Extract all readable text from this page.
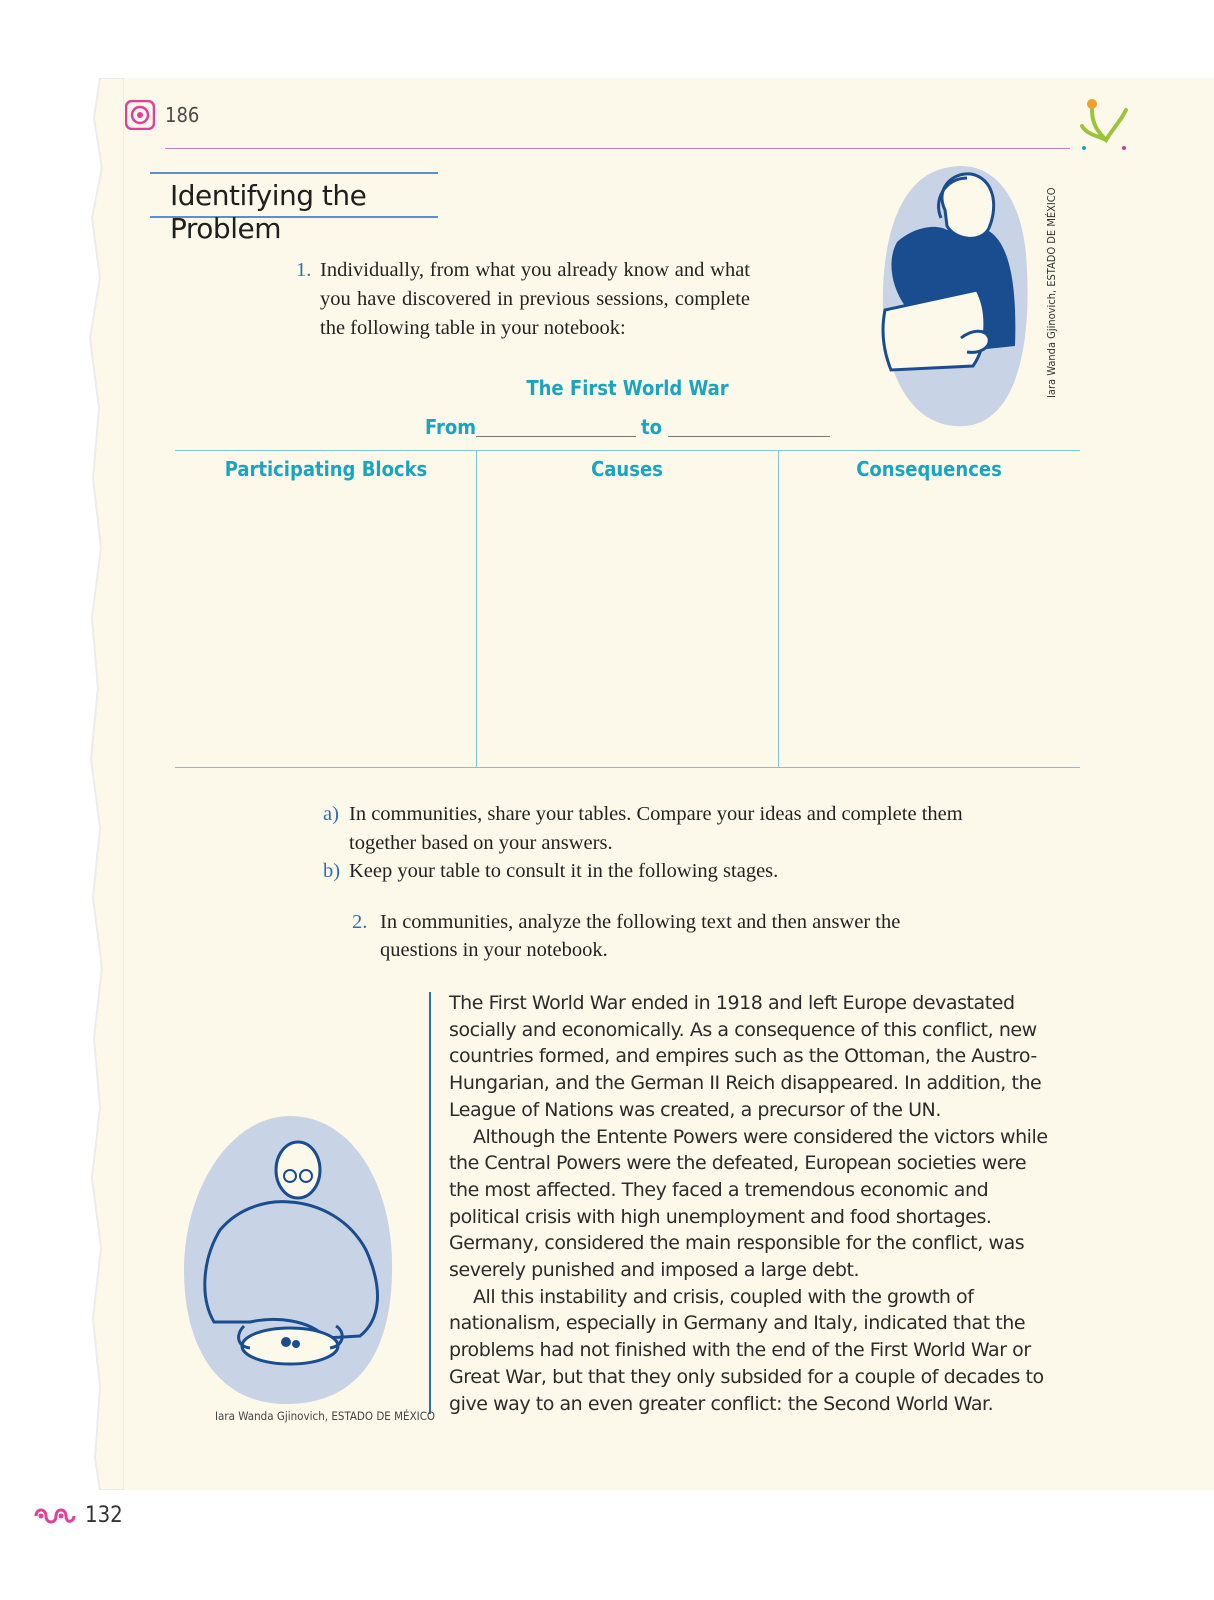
186
Identifying the Problem
1. Individually, from what you already know and what you have discovered in previous sessions, complete the following table in your notebook:	Iara Wanda Gjinovich, ESTADO DE MÉXICO
The First World War
From	to
Participating Blocks	Causes	Consequences
a) In communities, share your tables. Compare your ideas and complete them together based on your answers.
b) Keep your table to consult it in the following stages.
2. In communities, analyze the following text and then answer the questions in your notebook.

The First World War ended in 1918 and left Europe devastated socially and economically. As a consequence of this conflict, new countries formed, and empires such as the Ottoman, the Austro-Hungarian, and the German II Reich disappeared. In addition, the League of Nations was created, a precursor of the UN.

Although the Entente Powers were considered the victors while the Central Powers were the defeated, European societies were the most affected. They faced a tremendous economic and political crisis with high unemployment and food shortages. Germany, considered the main responsible for the conflict, was severely punished and imposed a large debt.

All this instability and crisis, coupled with the growth of nationalism, especially in Germany and Italy, indicated that the problems had not finished with the end of the First World War or Great War, but that they only subsided for a couple of decades to give way to an even greater conflict: the Second World War.

Iara Wanda Gjinovich, ESTADO DE MÉXICO
132
